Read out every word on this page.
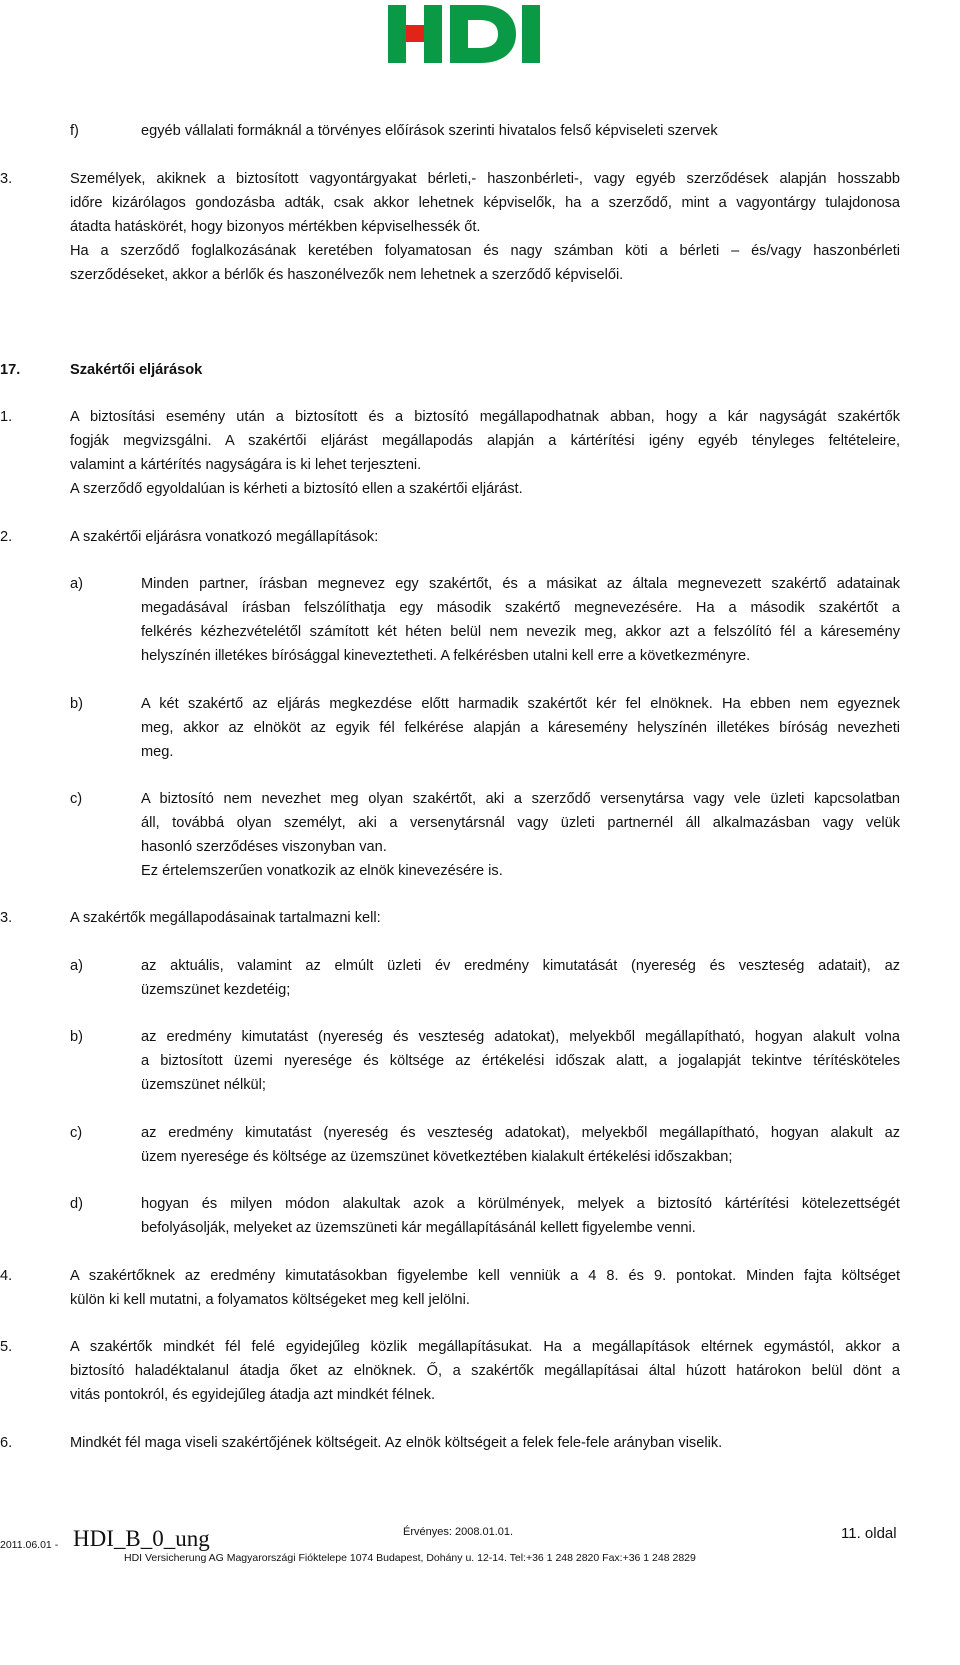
f)	egyéb vállalati formáknál a törvényes előírások szerinti hivatalos felső képviseleti szervek
3.	Személyek, akiknek a biztosított vagyontárgyakat bérleti,- haszonbérleti-, vagy egyéb szerződések alapján hosszabb
időre kizárólagos gondozásba adták, csak akkor lehetnek képviselők, ha a szerződő, mint a vagyontárgy tulajdonosa
átadta hatáskörét, hogy bizonyos mértékben képviselhessék őt.
Ha a szerződő foglalkozásának keretében folyamatosan és nagy számban köti a bérleti – és/vagy haszonbérleti
szerződéseket, akkor a bérlők és haszonélvezők nem lehetnek a szerződő képviselői.
17.	Szakértői eljárások
1.	A biztosítási esemény után a biztosított és a biztosító megállapodhatnak abban, hogy a kár nagyságát szakértők
fogják megvizsgálni. A szakértői eljárást megállapodás alapján a kártérítési igény egyéb tényleges feltételeire,
valamint a kártérítés nagyságára is ki lehet terjeszteni.
A szerződő egyoldalúan is kérheti a biztosító ellen a szakértői eljárást.
2.	A szakértői eljárásra vonatkozó megállapítások:
a)	Minden partner, írásban megnevez egy szakértőt, és a másikat az általa megnevezett szakértő adatainak
megadásával írásban felszólíthatja egy második szakértő megnevezésére. Ha a második szakértőt a
felkérés kézhezvételétől számított két héten belül nem nevezik meg, akkor azt a felszólító fél a káresemény
helyszínén illetékes bírósággal kineveztetheti. A felkérésben utalni kell erre a következményre.
b)	A két szakértő az eljárás megkezdése előtt harmadik szakértőt kér fel elnöknek. Ha ebben nem egyeznek
meg, akkor az elnököt az egyik fél felkérése alapján a káresemény helyszínén illetékes bíróság nevezheti
meg.
c)	A biztosító nem nevezhet meg olyan szakértőt, aki a szerződő versenytársa vagy vele üzleti kapcsolatban
áll, továbbá olyan személyt, aki a versenytársnál vagy üzleti partnernél áll alkalmazásban vagy velük
hasonló szerződéses viszonyban van.
Ez értelemszerűen vonatkozik az elnök kinevezésére is.
3.	A szakértők megállapodásainak tartalmazni kell:
a)	az aktuális, valamint az elmúlt üzleti év eredmény kimutatását (nyereség és veszteség adatait), az
üzemszünet kezdetéig;
b)	az eredmény kimutatást (nyereség és veszteség adatokat), melyekből megállapítható, hogyan alakult volna
a biztosított üzemi nyeresége és költsége az értékelési időszak alatt, a jogalapját tekintve térítésköteles
üzemszünet nélkül;
c)	az eredmény kimutatást (nyereség és veszteség adatokat), melyekből megállapítható, hogyan alakult az
üzem nyeresége és költsége az üzemszünet következtében kialakult értékelési időszakban;
d)	hogyan és milyen módon alakultak azok a körülmények, melyek a biztosító kártérítési kötelezettségét
befolyásolják, melyeket az üzemszüneti kár megállapításánál kellett figyelembe venni.
4.	A szakértőknek az eredmény kimutatásokban figyelembe kell venniük a 4 8. és 9. pontokat. Minden fajta költséget
külön ki kell mutatni, a folyamatos költségeket meg kell jelölni.
5.	A szakértők mindkét fél felé egyidejűleg közlik megállapításukat. Ha a megállapítások eltérnek egymástól, akkor a
biztosító haladéktalanul átadja őket az elnöknek. Ő, a szakértők megállapításai által húzott határokon belül dönt a
vitás pontokról, és egyidejűleg átadja azt mindkét félnek.
6.	Mindkét fél maga viseli szakértőjének költségeit. Az elnök költségeit a felek fele-fele arányban viselik.
2011.06.01 - HDI_B_0_ung	Érvényes: 2008.01.01.	11. oldal
HDI Versicherung AG Magyarországi Fióktelepe 1074 Budapest, Dohány u. 12-14. Tel:+36 1 248 2820 Fax:+36 1 248 2829
